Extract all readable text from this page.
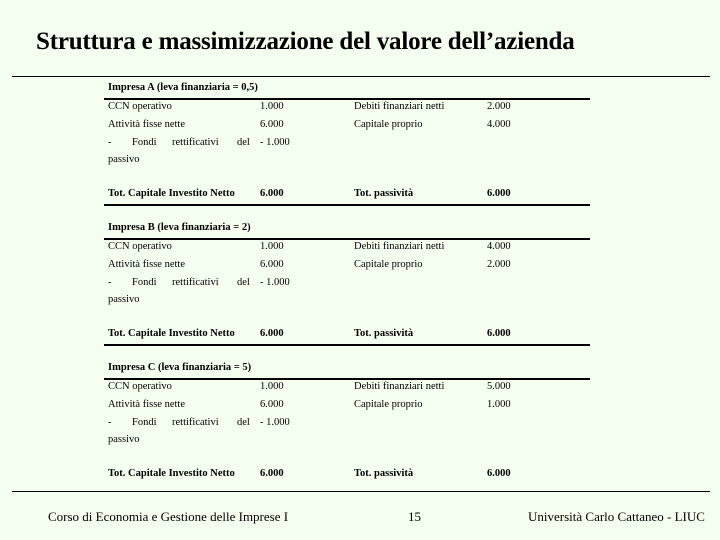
Struttura e massimizzazione del valore dell’azienda
Impresa A (leva finanziaria = 0,5)
CCN operativo	1.000	Debiti finanziari netti	2.000
Attività fisse nette	6.000	Capitale proprio	4.000
- Fondi rettificativi del - 1.000
passivo
Tot. Capitale Investito Netto 6.000	Tot. passività	6.000
Impresa B (leva finanziaria = 2)
CCN operativo	1.000	Debiti finanziari netti	4.000
Attività fisse nette	6.000	Capitale proprio	2.000
- Fondi rettificativi del - 1.000
passivo
Tot. Capitale Investito Netto 6.000	Tot. passività	6.000
Impresa C (leva finanziaria = 5)
CCN operativo	1.000	Debiti finanziari netti	5.000
Attività fisse nette	6.000	Capitale proprio	1.000
- Fondi rettificativi del - 1.000
passivo
Tot. Capitale Investito Netto 6.000	Tot. passività	6.000
Corso di Economia e Gestione delle Imprese I	15	Università Carlo Cattaneo - LIUC
